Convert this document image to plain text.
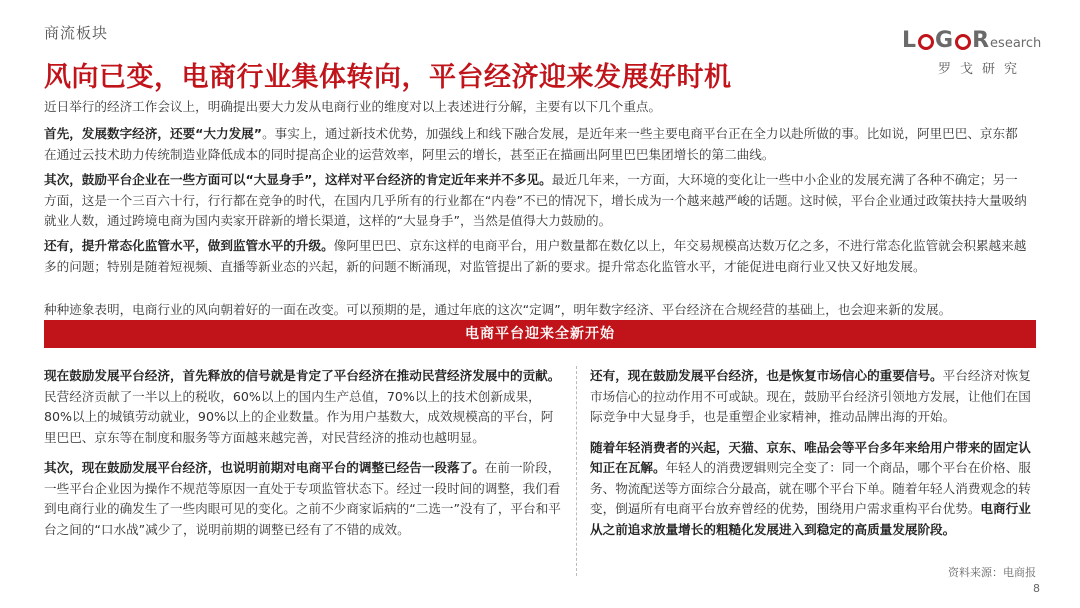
商流板块	L G Research
罗戈研究
风向已变，电商行业集体转向，平台经济迎来发展好时机
近日举行的经济工作会议上，明确提出要大力发从电商行业的维度对以上表述进行分解，主要有以下几个重点。
首先，发展数字经济，还要“大力发展”。事实上，通过新技术优势，加强线上和线下融合发展，是近年来一些主要电商平台正在全力以赴所做的事。比如说，阿里巴巴、京东都在通过云技术助力传统制造业降低成本的同时提高企业的运营效率，阿里云的增长，甚至正在描画出阿里巴巴集团增长的第二曲线。
其次，鼓励平台企业在一些方面可以“大显身手”，这样对平台经济的肯定近年来并不多见。最近几年来，一方面，大环境的变化让一些中小企业的发展充满了各种不确定；另一方面，这是一个三百六十行，行行都在竞争的时代，在国内几乎所有的行业都在“内卷”不已的情况下，增长成为一个越来越严峻的话题。这时候，平台企业通过政策扶持大量吸纳就业人数，通过跨境电商为国内卖家开辟新的增长渠道，这样的“大显身手”，当然是值得大力鼓励的。
还有，提升常态化监管水平，做到监管水平的升级。像阿里巴巴、京东这样的电商平台，用户数量都在数亿以上，年交易规模高达数万亿之多，不进行常态化监管就会积累越来越多的问题；特别是随着短视频、直播等新业态的兴起，新的问题不断涌现，对监管提出了新的要求。提升常态化监管水平，才能促进电商行业又快又好地发展。
种种迹象表明，电商行业的风向朝着好的一面在改变。可以预期的是，通过年底的这次“定调”，明年数字经济、平台经济在合规经营的基础上，也会迎来新的发展。
电商平台迎来全新开始

现在鼓励发展平台经济，首先释放的信号就是肯定了平台经济在推动民营经济发展中的贡献。民营经济贡献了一半以上的税收，60%以上的国内生产总值，70%以上的技术创新成果，80%以上的城镇劳动就业，90%以上的企业数量。作为用户基数大，成效规模高的平台，阿里巴巴、京东等在制度和服务等方面越来越完善，对民营经济的推动也越明显。

其次，现在鼓励发展平台经济，也说明前期对电商平台的调整已经告一段落了。在前一阶段，一些平台企业因为操作不规范等原因一直处于专项监管状态下。经过一段时间的调整，我们看到电商行业的确发生了一些肉眼可见的变化。之前不少商家诟病的“二选一”没有了，平台和平台之间的“口水战”减少了，说明前期的调整已经有了不错的成效。

还有，现在鼓励发展平台经济，也是恢复市场信心的重要信号。平台经济对恢复市场信心的拉动作用不可或缺。现在，鼓励平台经济引领地方发展，让他们在国际竞争中大显身手，也是重塑企业家精神，推动品牌出海的开始。

随着年轻消费者的兴起，天猫、京东、唯品会等平台多年来给用户带来的固定认知正在瓦解。年轻人的消费逻辑则完全变了：同一个商品，哪个平台在价格、服务、物流配送等方面综合分最高，就在哪个平台下单。随着年轻人消费观念的转变，倒逼所有电商平台放弃曾经的优势，围绕用户需求重构平台优势。电商行业从之前追求放量增长的粗糙化发展进入到稳定的高质量发展阶段。

资料来源：电商报
8
